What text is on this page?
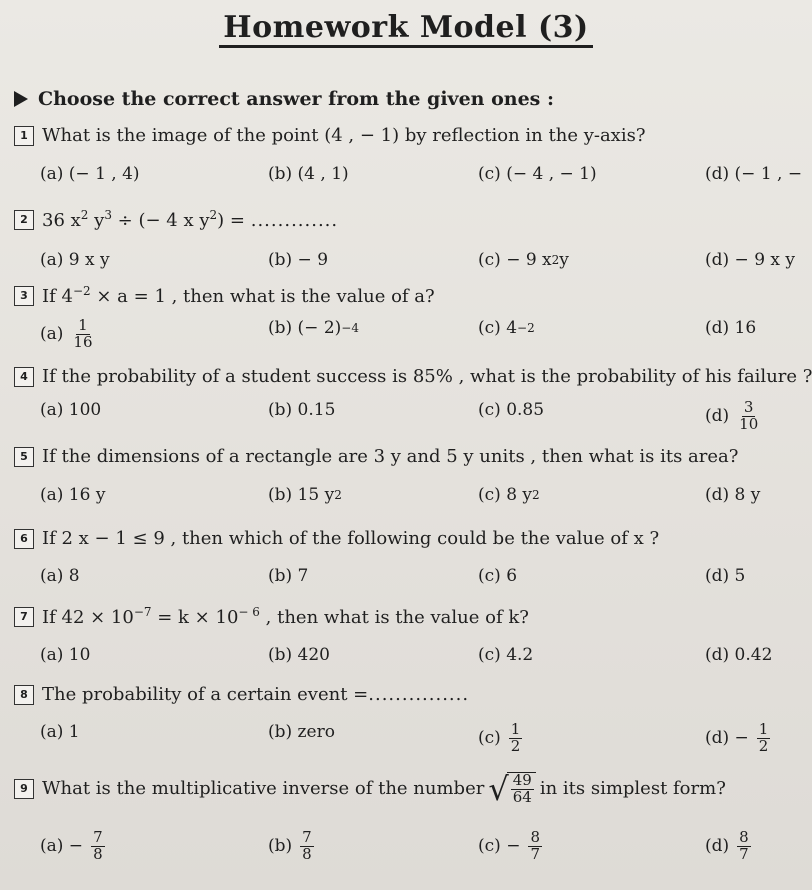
Homework Model (3)
Choose the correct answer from the given ones :
1 What is the image of the point (4 , − 1) by reflection in the y-axis?
(a) (− 1 , 4)	(b) (4 , 1)	(c) (− 4 , − 1)	(d) (− 1 , −
2 36 $x^2$ $y^3$ ÷ (− 4 x $y^2$) = .............
(a) 9 x y	(b) − 9	(c) − 9 x 2 y	(d) − 9 x y
3 If $4^{-2} \times a = 1$ , then what is the value of a?
$(a) \frac{1}{16}$	(b) (− 2) −4	(c) 4 −2	(d) 16
4 If the probability of a student success is 85% , what is the probability of his failure ?
(a) 100	(b) 0.15	(c) 0.85	$(d) \frac{3}{10}$
5 If the dimensions of a rectangle are 3 y and 5 y units , then what is its area?
(a) 16 y	(b) 15 y 2	(c) 8 y 2	(d) 8 y
6 If 2 x − 1 ≤ 9 , then which of the following could be the value of x ?
(a) 8	(b) 7	(c) 6	(d) 5
7 If $42 \times 10^{-7} = k \times 10^{- 6}$ , then what is the value of k?
(a) 10	(b) 420	(c) 4.2	(d) 0.42
8 The probability of a certain event = ...............
(a) 1	(b) zero	$(c) \frac{1}{2}$	$(d) - \frac{1}{2}$
9 What is the multiplicative inverse of the number √ $\frac{49}{64}$ in its simplest form?
$(a) - \frac{7}{8}$	$(b) \frac{7}{8}$	$(c) - \frac{8}{7}$	$(d) \frac{8}{7}$
